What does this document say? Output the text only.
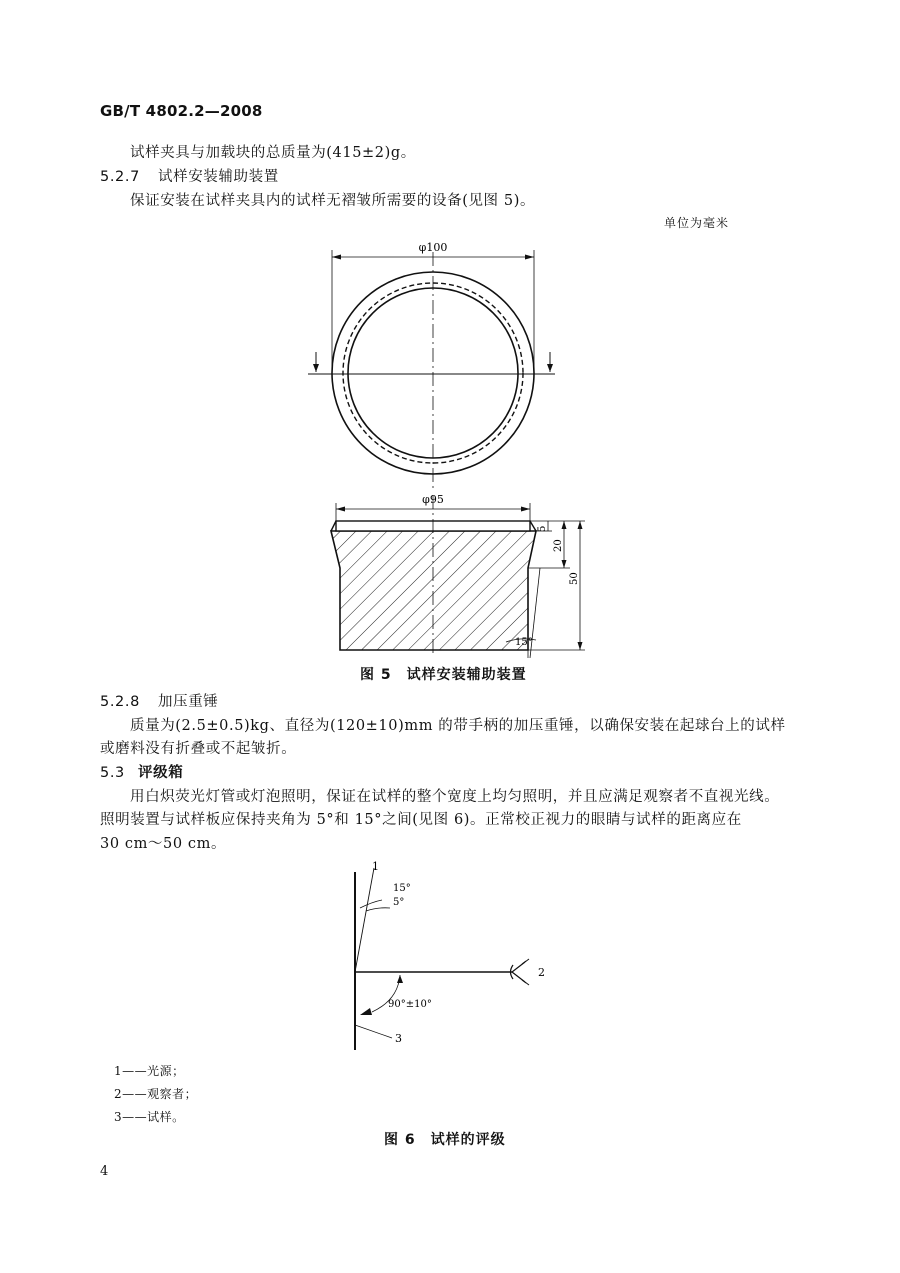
GB/T 4802.2—2008
试样夹具与加载块的总质量为(415±2)g。
5.2.7 试样安装辅助装置
保证安装在试样夹具内的试样无褶皱所需要的设备(见图 5)。
单位为毫米
φ100
φ95
5
20
50
15°
图 5　试样安装辅助装置
5.2.8 加压重锤
质量为(2.5±0.5)kg、直径为(120±10)mm 的带手柄的加压重锤，以确保安装在起球台上的试样
或磨料没有折叠或不起皱折。
5.3 评级箱
用白炽荧光灯管或灯泡照明，保证在试样的整个宽度上均匀照明，并且应满足观察者不直视光线。
照明装置与试样板应保持夹角为 5°和 15°之间(见图 6)。正常校正视力的眼睛与试样的距离应在
30 cm～50 cm。
1
15°
5°
2
90°±10°
3
1——光源；
2——观察者；
3——试样。
图 6　试样的评级
4
